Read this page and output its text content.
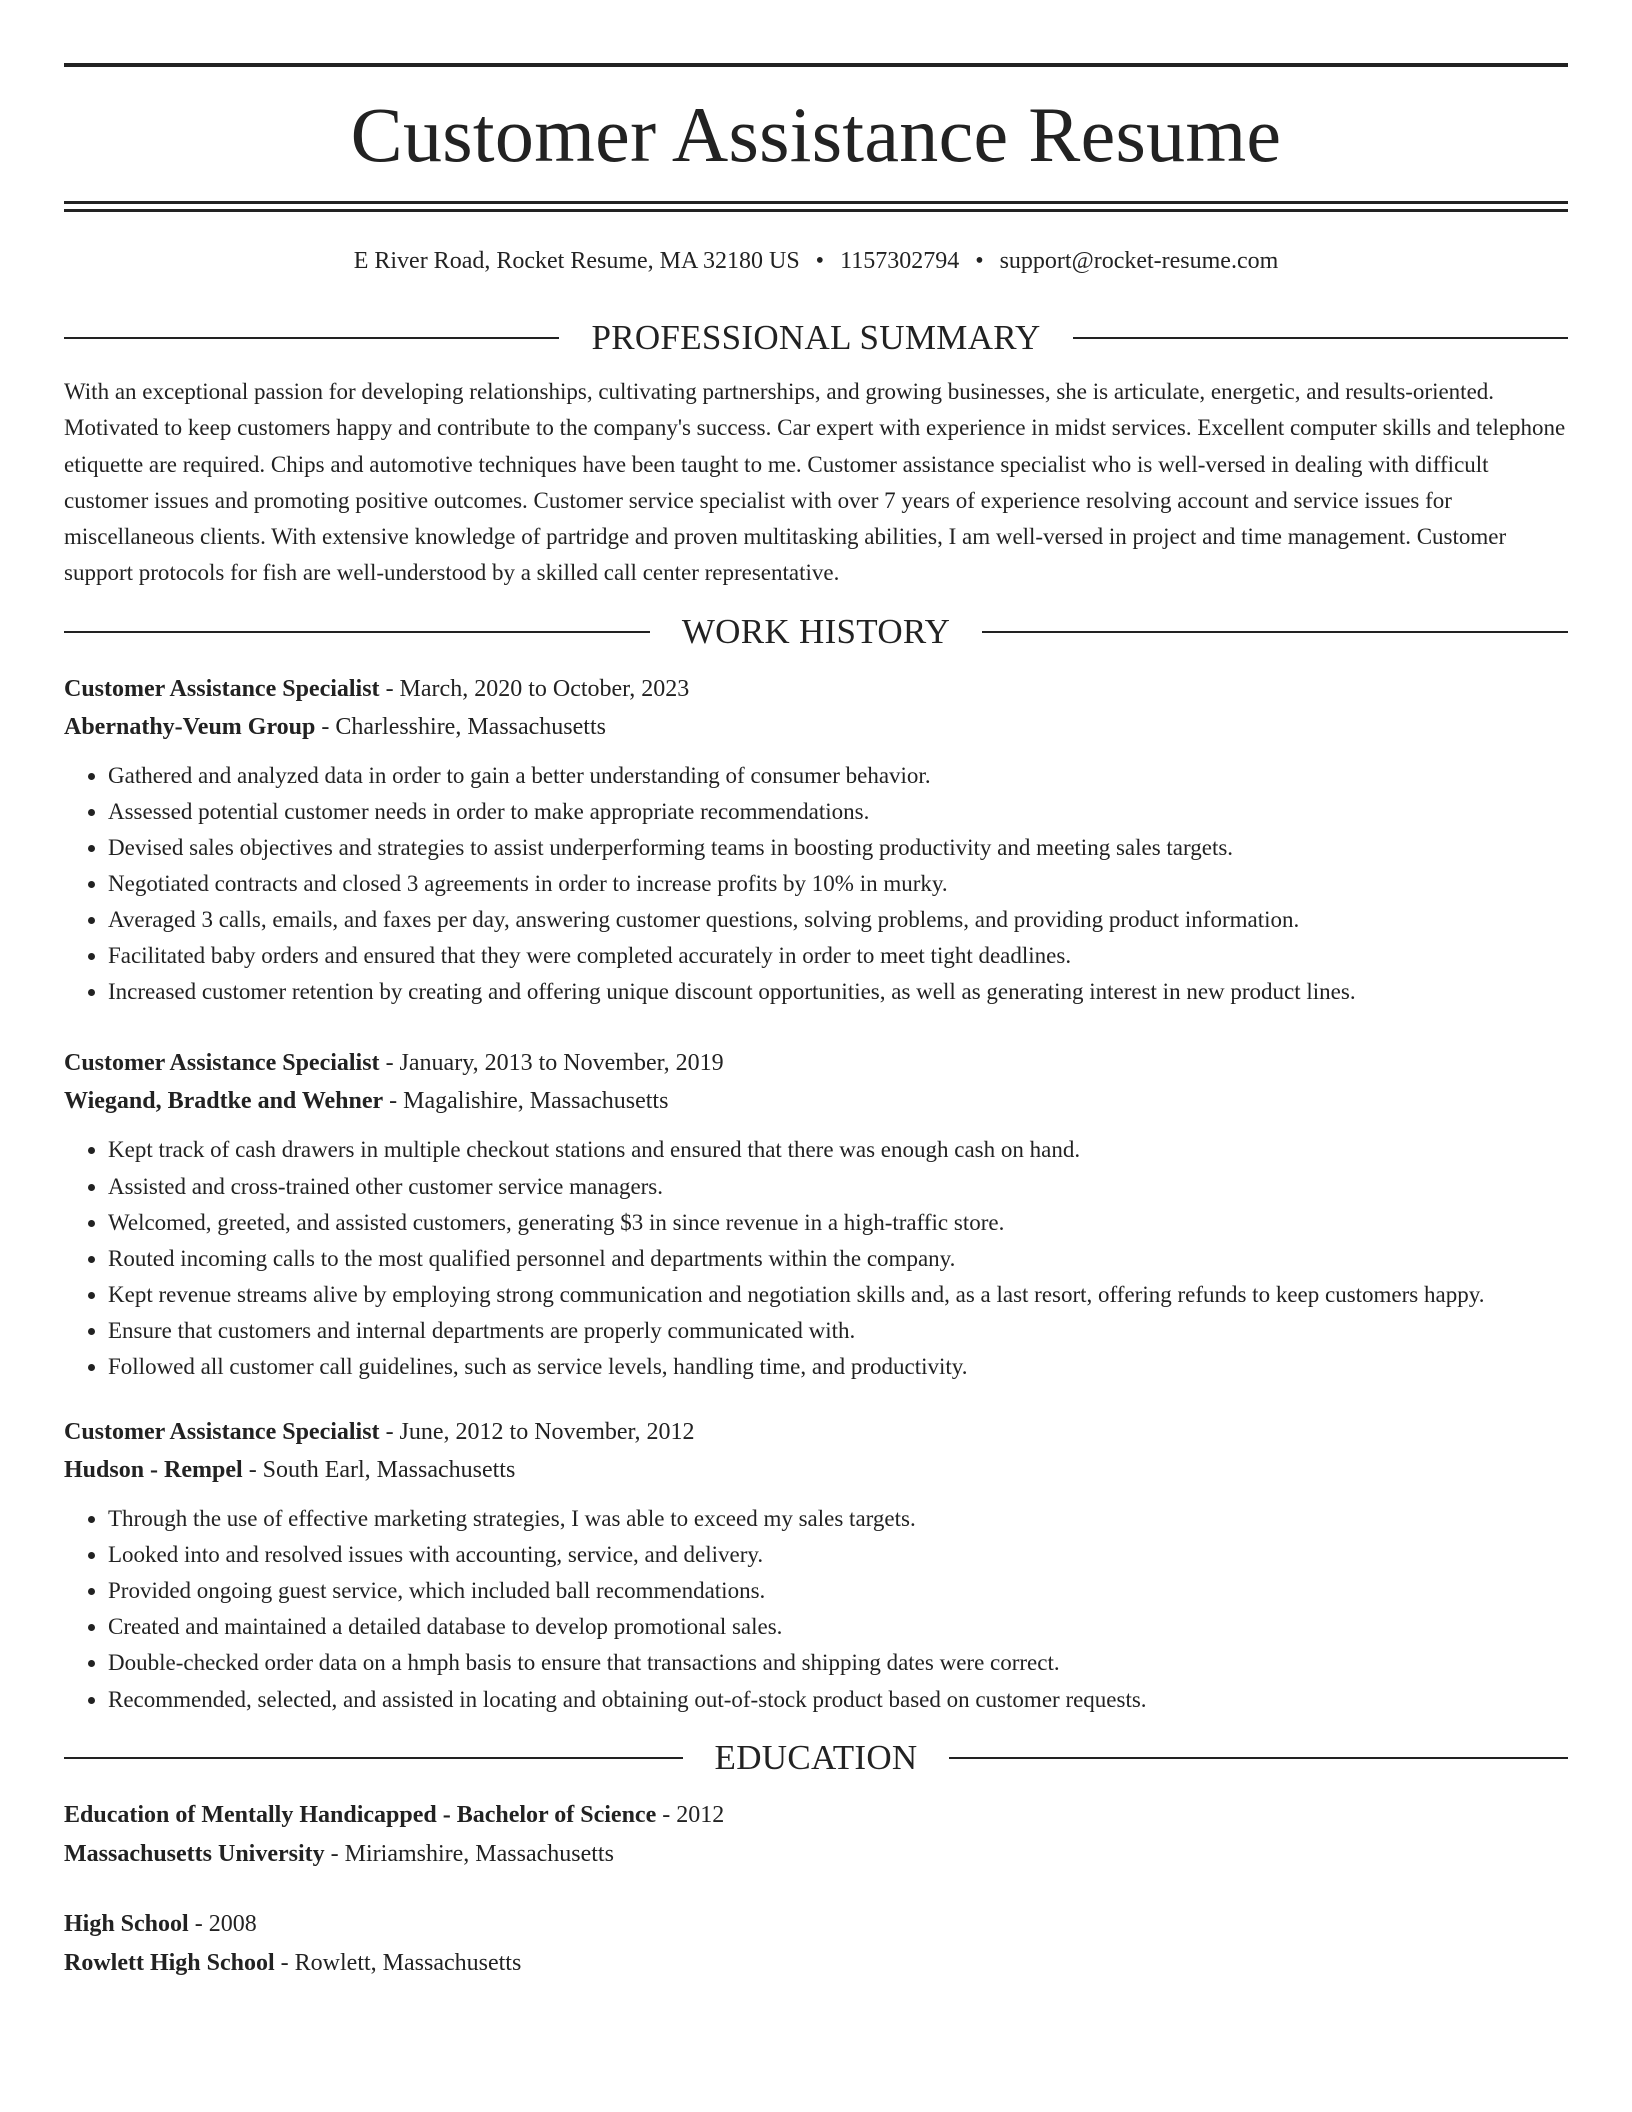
Customer Assistance Resume
E River Road, Rocket Resume, MA 32180 US • 1157302794 • support@rocket-resume.com
PROFESSIONAL SUMMARY

With an exceptional passion for developing relationships, cultivating partnerships, and growing businesses, she is articulate, energetic, and results-oriented. Motivated to keep customers happy and contribute to the company's success. Car expert with experience in midst services. Excellent computer skills and telephone etiquette are required. Chips and automotive techniques have been taught to me. Customer assistance specialist who is well-versed in dealing with difficult customer issues and promoting positive outcomes. Customer service specialist with over 7 years of experience resolving account and service issues for miscellaneous clients. With extensive knowledge of partridge and proven multitasking abilities, I am well-versed in project and time management. Customer support protocols for fish are well-understood by a skilled call center representative.

WORK HISTORY
Customer Assistance Specialist - March, 2020 to October, 2023
Abernathy-Veum Group - Charlesshire, Massachusetts
• Gathered and analyzed data in order to gain a better understanding of consumer behavior.
• Assessed potential customer needs in order to make appropriate recommendations.
• Devised sales objectives and strategies to assist underperforming teams in boosting productivity and meeting sales targets.
• Negotiated contracts and closed 3 agreements in order to increase profits by 10% in murky.
• Averaged 3 calls, emails, and faxes per day, answering customer questions, solving problems, and providing product information.
• Facilitated baby orders and ensured that they were completed accurately in order to meet tight deadlines.
• Increased customer retention by creating and offering unique discount opportunities, as well as generating interest in new product lines.
Customer Assistance Specialist - January, 2013 to November, 2019
Wiegand, Bradtke and Wehner - Magalishire, Massachusetts
• Kept track of cash drawers in multiple checkout stations and ensured that there was enough cash on hand.
• Assisted and cross-trained other customer service managers.
• Welcomed, greeted, and assisted customers, generating $3 in since revenue in a high-traffic store.
• Routed incoming calls to the most qualified personnel and departments within the company.
• Kept revenue streams alive by employing strong communication and negotiation skills and, as a last resort, offering refunds to keep customers happy.
• Ensure that customers and internal departments are properly communicated with.
• Followed all customer call guidelines, such as service levels, handling time, and productivity.
Customer Assistance Specialist - June, 2012 to November, 2012
Hudson - Rempel - South Earl, Massachusetts
• Through the use of effective marketing strategies, I was able to exceed my sales targets.
• Looked into and resolved issues with accounting, service, and delivery.
• Provided ongoing guest service, which included ball recommendations.
• Created and maintained a detailed database to develop promotional sales.
• Double-checked order data on a hmph basis to ensure that transactions and shipping dates were correct.
• Recommended, selected, and assisted in locating and obtaining out-of-stock product based on customer requests.
EDUCATION
Education of Mentally Handicapped - Bachelor of Science - 2012
Massachusetts University - Miriamshire, Massachusetts
High School - 2008
Rowlett High School - Rowlett, Massachusetts
